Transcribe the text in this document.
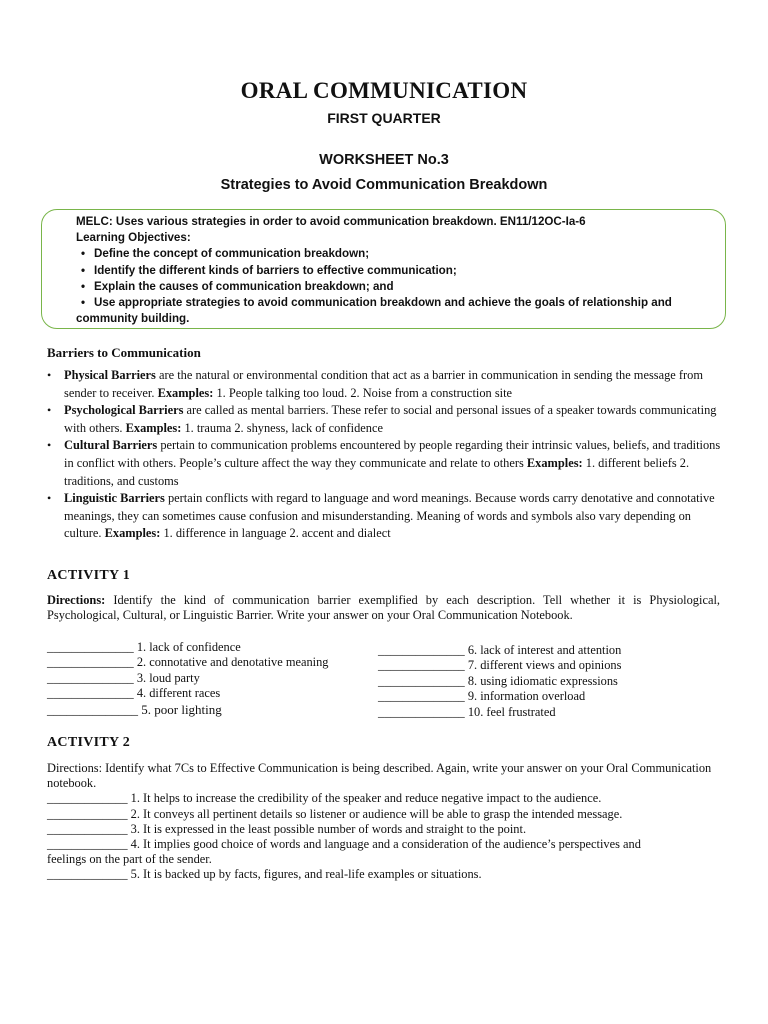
ORAL COMMUNICATION
FIRST QUARTER
WORKSHEET No.3
Strategies to Avoid Communication Breakdown
MELC: Uses various strategies in order to avoid communication breakdown. EN11/12OC-Ia-6
Learning Objectives:
• Define the concept of communication breakdown;
• Identify the different kinds of barriers to effective communication;
• Explain the causes of communication breakdown; and
• Use appropriate strategies to avoid communication breakdown and achieve the goals of relationship and
community building.
Barriers to Communication
• Physical Barriers are the natural or environmental condition that act as a barrier in communication in sending the message from sender to receiver. Examples: 1. People talking too loud. 2. Noise from a construction site
• Psychological Barriers are called as mental barriers. These refer to social and personal issues of a speaker towards communicating with others. Examples: 1. trauma 2. shyness, lack of confidence
• Cultural Barriers pertain to communication problems encountered by people regarding their intrinsic values, beliefs, and traditions in conflict with others. People’s culture affect the way they communicate and relate to others Examples: 1. different beliefs 2. traditions, and customs
• Linguistic Barriers pertain conflicts with regard to language and word meanings. Because words carry denotative and connotative meanings, they can sometimes cause confusion and misunderstanding. Meaning of words and symbols also vary depending on culture. Examples: 1. difference in language 2. accent and dialect
ACTIVITY 1
Directions: Identify the kind of communication barrier exemplified by each description. Tell whether it is Physiological, Psychological, Cultural, or Linguistic Barrier. Write your answer on your Oral Communication Notebook.
______________ 1. lack of confidence
______________ 2. connotative and denotative meaning
______________ 3. loud party
______________ 4. different races
______________ 5. poor lighting
______________ 6. lack of interest and attention
______________ 7. different views and opinions
______________ 8. using idiomatic expressions
______________ 9. information overload
______________ 10. feel frustrated
ACTIVITY 2
Directions: Identify what 7Cs to Effective Communication is being described. Again, write your answer on your Oral Communication notebook.
_____________ 1. It helps to increase the credibility of the speaker and reduce negative impact to the audience.
_____________ 2. It conveys all pertinent details so listener or audience will be able to grasp the intended message.
_____________ 3. It is expressed in the least possible number of words and straight to the point.
_____________ 4. It implies good choice of words and language and a consideration of the audience’s perspectives and
feelings on the part of the sender.
_____________ 5. It is backed up by facts, figures, and real-life examples or situations.
